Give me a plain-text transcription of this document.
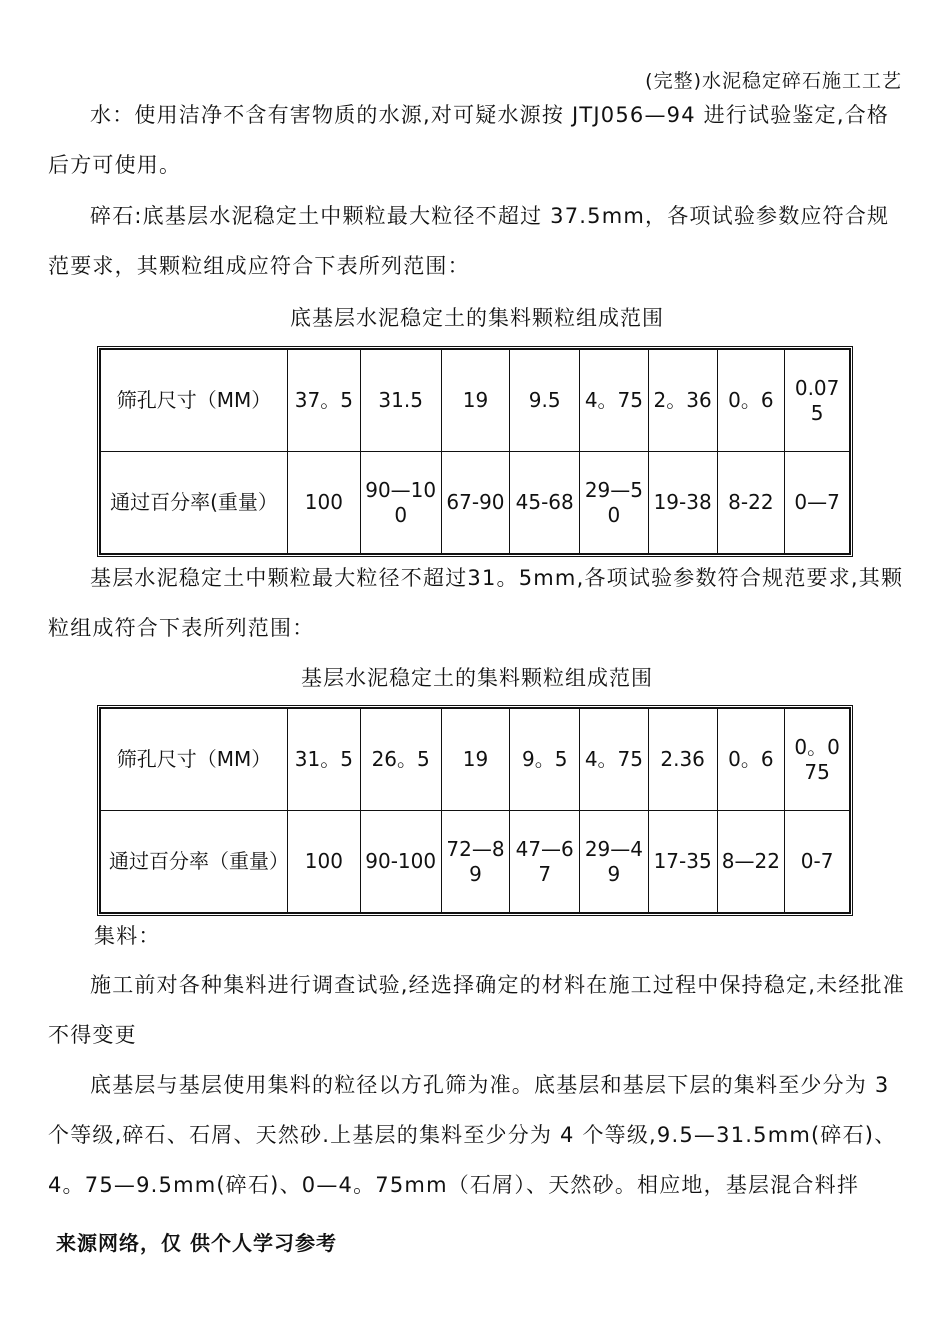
(完整)水泥稳定碎石施工工艺

水：使用洁净不含有害物质的水源,对可疑水源按 JTJ056—94 进行试验鉴定,合格后方可使用。

碎石:底基层水泥稳定土中颗粒最大粒径不超过 37.5mm，各项试验参数应符合规范要求，其颗粒组成应符合下表所列范围：

底基层水泥稳定土的集料颗粒组成范围
筛孔尺寸（MM）	37。5	31.5	19	9.5	4。75	2。36	0。6	0.075
通过百分率(重量）	100	90—100	67-90	45-68	29—50	19-38	8-22	0—7

基层水泥稳定土中颗粒最大粒径不超过31。5mm,各项试验参数符合规范要求,其颗粒组成符合下表所列范围：

基层水泥稳定土的集料颗粒组成范围
筛孔尺寸（MM）	31。5	26。5	19	9。5	4。75	2.36	0。6	0。075
通过百分率（重量）	100	90-100	72—89	47—67	29—49	17-35	8—22	0-7

集料：

施工前对各种集料进行调查试验,经选择确定的材料在施工过程中保持稳定,未经批准不得变更

底基层与基层使用集料的粒径以方孔筛为准。底基层和基层下层的集料至少分为 3 个等级,碎石、石屑、天然砂.上基层的集料至少分为 4 个等级,9.5—31.5mm(碎石)、4。75—9.5mm(碎石)、0—4。75mm（石屑）、天然砂。相应地，基层混合料拌

来源网络，仅 供个人学习参考
